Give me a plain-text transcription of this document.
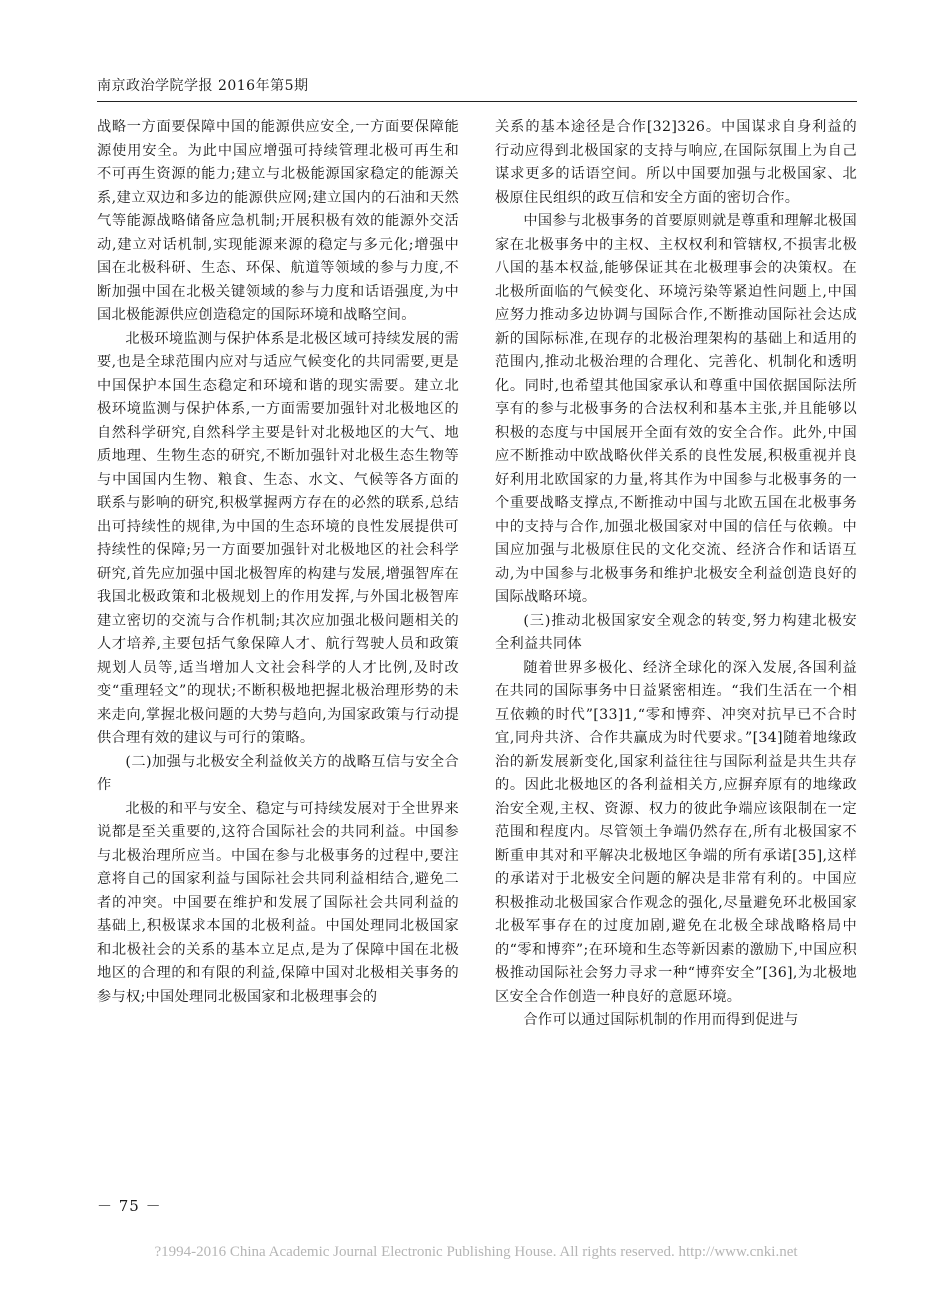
南京政治学院学报 2016年第5期

战略一方面要保障中国的能源供应安全,一方面要保障能源使用安全。为此中国应增强可持续管理北极可再生和不可再生资源的能力;建立与北极能源国家稳定的能源关系,建立双边和多边的能源供应网;建立国内的石油和天然气等能源战略储备应急机制;开展积极有效的能源外交活动,建立对话机制,实现能源来源的稳定与多元化;增强中国在北极科研、生态、环保、航道等领域的参与力度,不断加强中国在北极关键领域的参与力度和话语强度,为中国北极能源供应创造稳定的国际环境和战略空间。

北极环境监测与保护体系是北极区域可持续发展的需要,也是全球范围内应对与适应气候变化的共同需要,更是中国保护本国生态稳定和环境和谐的现实需要。建立北极环境监测与保护体系,一方面需要加强针对北极地区的自然科学研究,自然科学主要是针对北极地区的大气、地质地理、生物生态的研究,不断加强针对北极生态生物等与中国国内生物、粮食、生态、水文、气候等各方面的联系与影响的研究,积极掌握两方存在的必然的联系,总结出可持续性的规律,为中国的生态环境的良性发展提供可持续性的保障;另一方面要加强针对北极地区的社会科学研究,首先应加强中国北极智库的构建与发展,增强智库在我国北极政策和北极规划上的作用发挥,与外国北极智库建立密切的交流与合作机制;其次应加强北极问题相关的人才培养,主要包括气象保障人才、航行驾驶人员和政策规划人员等,适当增加人文社会科学的人才比例,及时改变“重理轻文”的现状;不断积极地把握北极治理形势的未来走向,掌握北极问题的大势与趋向,为国家政策与行动提供合理有效的建议与可行的策略。

(二)加强与北极安全利益攸关方的战略互信与安全合作

北极的和平与安全、稳定与可持续发展对于全世界来说都是至关重要的,这符合国际社会的共同利益。中国参与北极治理所应当。中国在参与北极事务的过程中,要注意将自己的国家利益与国际社会共同利益相结合,避免二者的冲突。中国要在维护和发展了国际社会共同利益的基础上,积极谋求本国的北极利益。中国处理同北极国家和北极社会的关系的基本立足点,是为了保障中国在北极地区的合理的和有限的利益,保障中国对北极相关事务的参与权;中国处理同北极国家和北极理事会的

关系的基本途径是合作[32]326。中国谋求自身利益的行动应得到北极国家的支持与响应,在国际氛围上为自己谋求更多的话语空间。所以中国要加强与北极国家、北极原住民组织的政互信和安全方面的密切合作。

中国参与北极事务的首要原则就是尊重和理解北极国家在北极事务中的主权、主权权利和管辖权,不损害北极八国的基本权益,能够保证其在北极理事会的决策权。在北极所面临的气候变化、环境污染等紧迫性问题上,中国应努力推动多边协调与国际合作,不断推动国际社会达成新的国际标准,在现存的北极治理架构的基础上和适用的范围内,推动北极治理的合理化、完善化、机制化和透明化。同时,也希望其他国家承认和尊重中国依据国际法所享有的参与北极事务的合法权利和基本主张,并且能够以积极的态度与中国展开全面有效的安全合作。此外,中国应不断推动中欧战略伙伴关系的良性发展,积极重视并良好利用北欧国家的力量,将其作为中国参与北极事务的一个重要战略支撑点,不断推动中国与北欧五国在北极事务中的支持与合作,加强北极国家对中国的信任与依赖。中国应加强与北极原住民的文化交流、经济合作和话语互动,为中国参与北极事务和维护北极安全利益创造良好的国际战略环境。

(三)推动北极国家安全观念的转变,努力构建北极安全利益共同体

随着世界多极化、经济全球化的深入发展,各国利益在共同的国际事务中日益紧密相连。“我们生活在一个相互依赖的时代”[33]1,“零和博弈、冲突对抗早已不合时宜,同舟共济、合作共赢成为时代要求。”[34]随着地缘政治的新发展新变化,国家利益往往与国际利益是共生共存的。因此北极地区的各利益相关方,应摒弃原有的地缘政治安全观,主权、资源、权力的彼此争端应该限制在一定范围和程度内。尽管领土争端仍然存在,所有北极国家不断重申其对和平解决北极地区争端的所有承诺[35],这样的承诺对于北极安全问题的解决是非常有利的。中国应积极推动北极国家合作观念的强化,尽量避免环北极国家北极军事存在的过度加剧,避免在北极全球战略格局中的“零和博弈”;在环境和生态等新因素的激励下,中国应积极推动国际社会努力寻求一种“博弈安全”[36],为北极地区安全合作创造一种良好的意愿环境。

合作可以通过国际机制的作用而得到促进与

－ 75 －
?1994-2016 China Academic Journal Electronic Publishing House. All rights reserved. http://www.cnki.net
